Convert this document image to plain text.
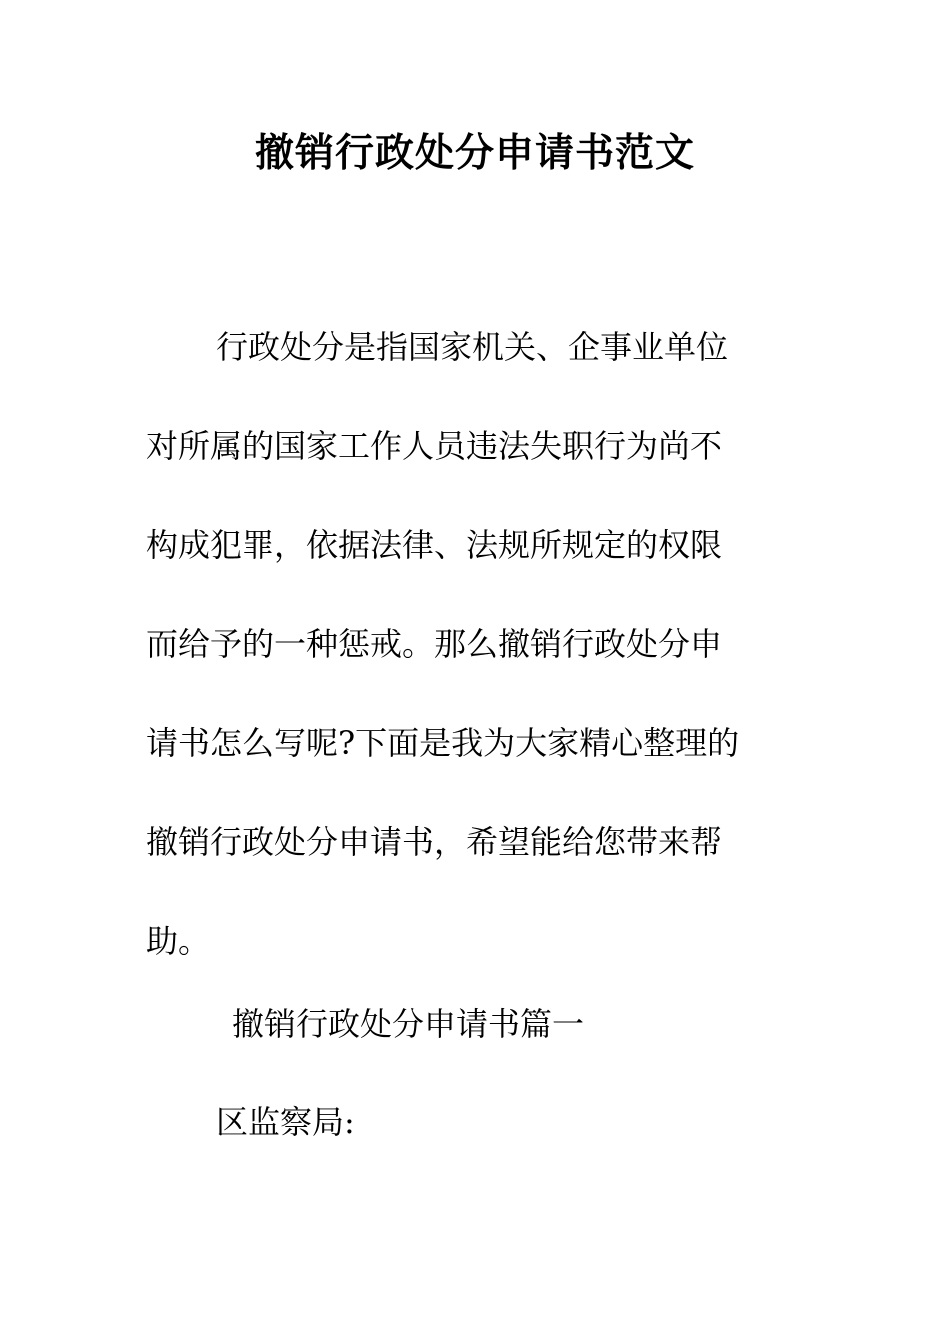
撤销行政处分申请书范文
行政处分是指国家机关、企事业单位
对所属的国家工作人员违法失职行为尚不
构成犯罪，依据法律、法规所规定的权限
而给予的一种惩戒。那么撤销行政处分申
请书怎么写呢?下面是我为大家精心整理的
撤销行政处分申请书，希望能给您带来帮
助。
撤销行政处分申请书篇一
区监察局:
